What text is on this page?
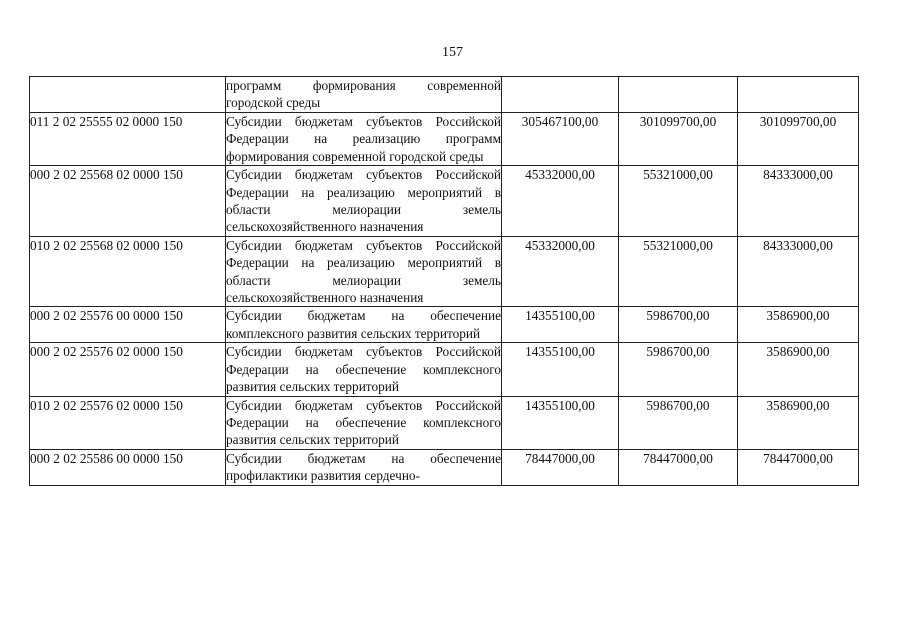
157

	программ формирования современной городской среды			

011 2 02 25555 02 0000 150	Субсидии бюджетам субъектов Российской Федерации на реализацию программ формирования современной городской среды	305467100,00	301099700,00	301099700,00
000 2 02 25568 02 0000 150	Субсидии бюджетам субъектов Российской Федерации на реализацию мероприятий в области мелиорации земель сельскохозяйственного назначения	45332000,00	55321000,00	84333000,00
010 2 02 25568 02 0000 150	Субсидии бюджетам субъектов Российской Федерации на реализацию мероприятий в области мелиорации земель сельскохозяйственного назначения	45332000,00	55321000,00	84333000,00
000 2 02 25576 00 0000 150	Субсидии бюджетам на обеспечение комплексного развития сельских территорий	14355100,00	5986700,00	3586900,00
000 2 02 25576 02 0000 150	Субсидии бюджетам субъектов Российской Федерации на обеспечение комплексного развития сельских территорий	14355100,00	5986700,00	3586900,00
010 2 02 25576 02 0000 150	Субсидии бюджетам субъектов Российской Федерации на обеспечение комплексного развития сельских территорий	14355100,00	5986700,00	3586900,00
000 2 02 25586 00 0000 150	Субсидии бюджетам на обеспечение профилактики развития сердечно-	78447000,00	78447000,00	78447000,00
